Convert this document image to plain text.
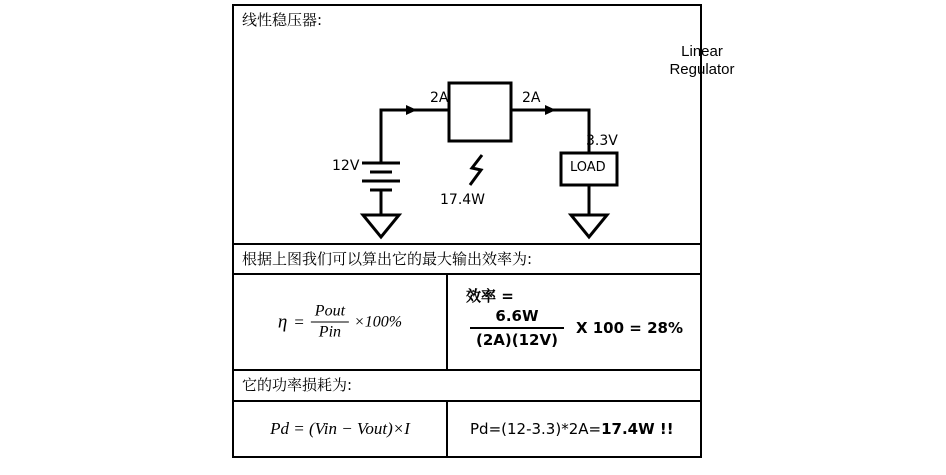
线性稳压器:
Linear
Regulator
2A	2A
12V
3.3V
17.4W
LOAD
根据上图我们可以算出它的最大输出效率为:
$\eta = \frac{\text{Pout}}{\text{Pin}} \times 100\%$
效率 =
$\frac{6.6W}{(2A)(12V)}$ X 100 = 28%
它的功率损耗为:
Pd = (Vin − Vout)×I	Pd=(12-3.3)*2A=17.4W !!
